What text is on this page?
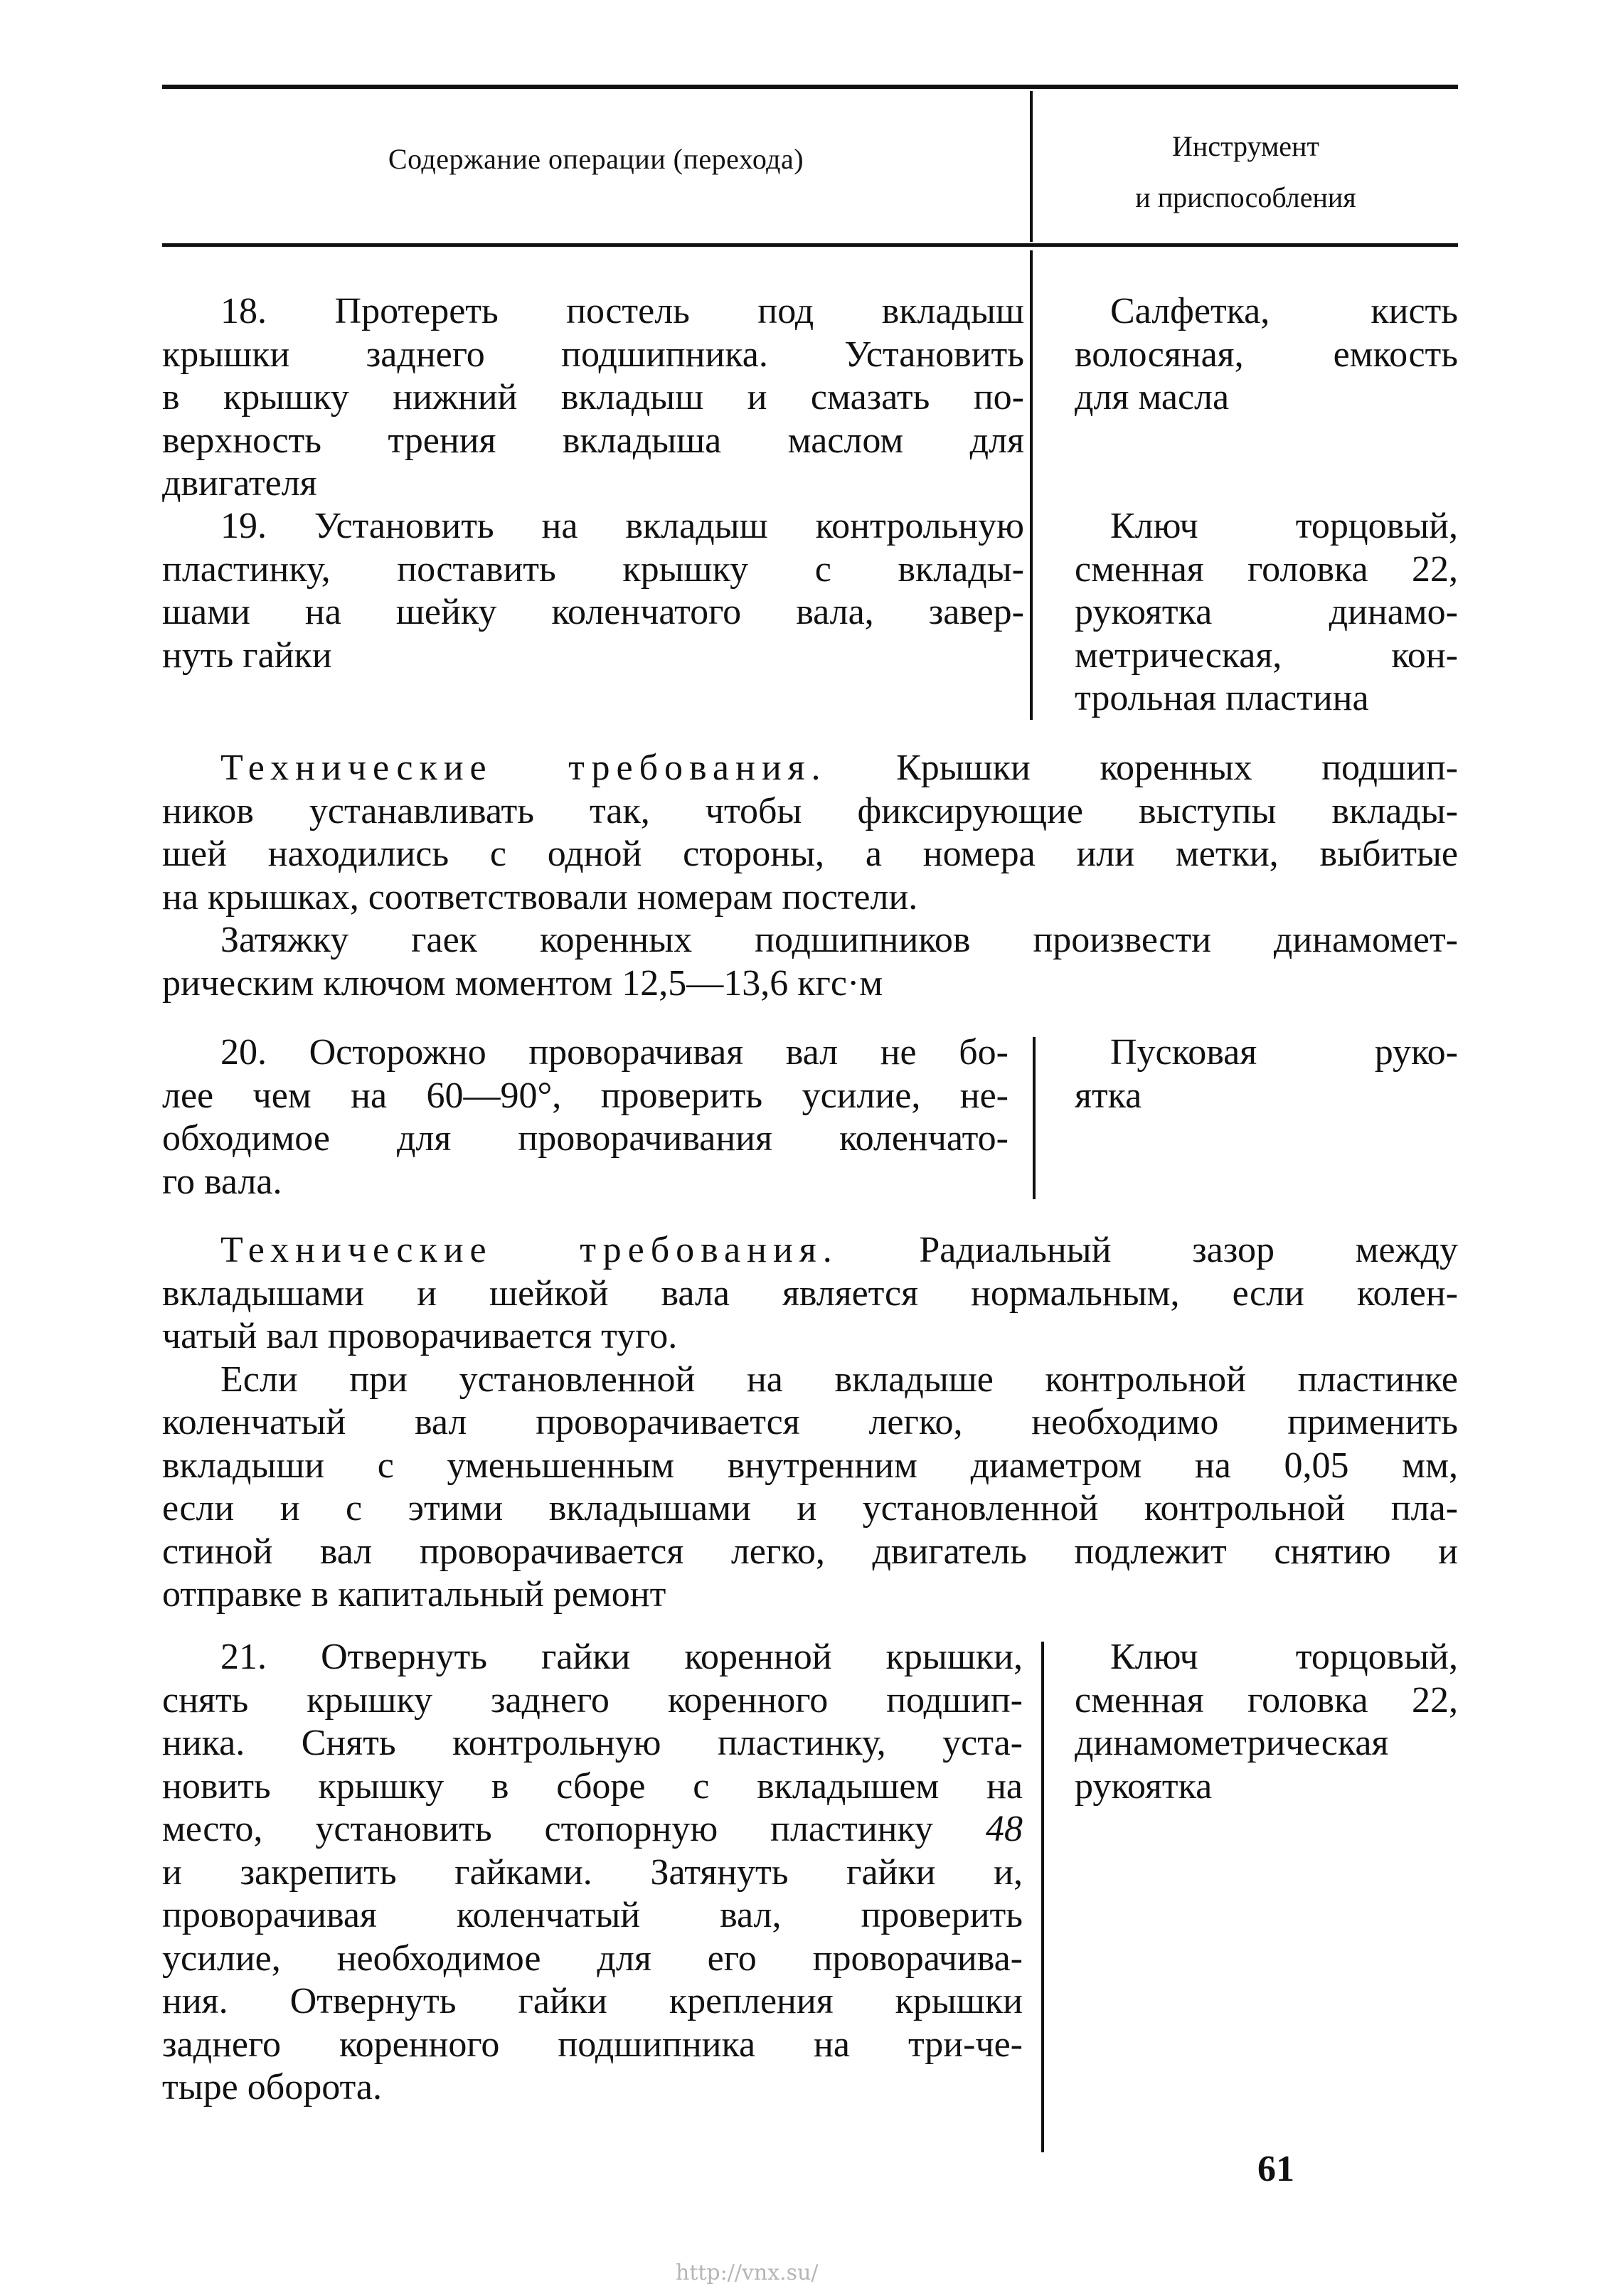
Содержание операции (перехода)	Инструмент
и приспособления
18. Протереть постель под вкладыш
крышки заднего подшипника. Установить
в крышку нижний вкладыш и смазать по-
верхность трения вкладыша маслом для
двигателя
Салфетка, кисть
волосяная, емкость
для масла
19. Установить на вкладыш контрольную
пластинку, поставить крышку с вклады-
шами на шейку коленчатого вала, завер-
нуть гайки
Ключ торцовый,
сменная головка 22,
рукоятка динамо-
метрическая, кон-
трольная пластина
Технические требования. Крышки коренных подшип-
ников устанавливать так, чтобы фиксирующие выступы вклады-
шей находились с одной стороны, а номера или метки, выбитые
на крышках, соответствовали номерам постели.
Затяжку гаек коренных подшипников произвести динамомет-
рическим ключом моментом 12,5—13,6 кгс·м
20. Осторожно проворачивая вал не бо-
лее чем на 60—90°, проверить усилие, не-
обходимое для проворачивания коленчато-
го вала.
Пусковая руко-
ятка
Технические требования. Радиальный зазор между
вкладышами и шейкой вала является нормальным, если колен-
чатый вал проворачивается туго.
Если при установленной на вкладыше контрольной пластинке
коленчатый вал проворачивается легко, необходимо применить
вкладыши с уменьшенным внутренним диаметром на 0,05 мм,
если и с этими вкладышами и установленной контрольной пла-
стиной вал проворачивается легко, двигатель подлежит снятию и
отправке в капитальный ремонт
21. Отвернуть гайки коренной крышки,
снять крышку заднего коренного подшип-
ника. Снять контрольную пластинку, уста-
новить крышку в сборе с вкладышем на
место, установить стопорную пластинку 48
и закрепить гайками. Затянуть гайки и,
проворачивая коленчатый вал, проверить
усилие, необходимое для его проворачива-
ния. Отвернуть гайки крепления крышки
заднего коренного подшипника на три-че-
тыре оборота.
Ключ торцовый,
сменная головка 22,
динамометрическая
рукоятка
61
http://vnx.su/
